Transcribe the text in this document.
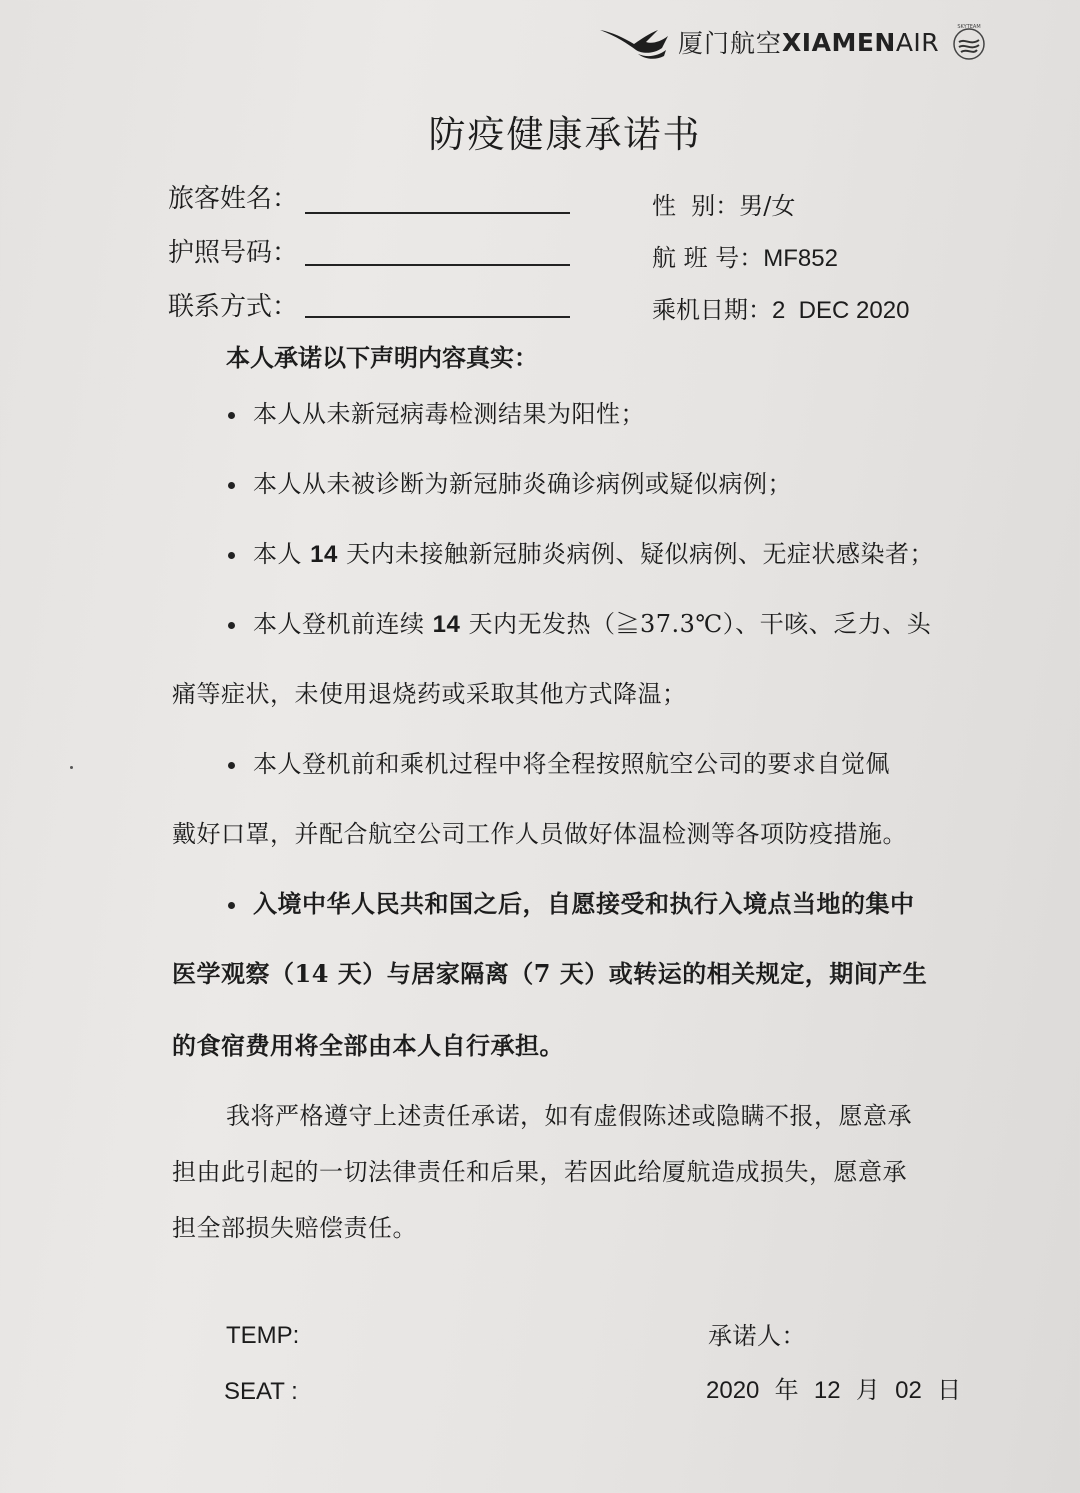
厦门航空 XIAMENAIR
SKYTEAM
防疫健康承诺书
旅客姓名：
护照号码：
联系方式：
性  别：男/女
航 班 号：MF852
乘机日期：2  DEC 2020
本人承诺以下声明内容真实：
本人从未新冠病毒检测结果为阳性；
本人从未被诊断为新冠肺炎确诊病例或疑似病例；
本人 14 天内未接触新冠肺炎病例、疑似病例、无症状感染者；
本人登机前连续 14 天内无发热（≧37.3℃）、干咳、乏力、头
痛等症状，未使用退烧药或采取其他方式降温；
本人登机前和乘机过程中将全程按照航空公司的要求自觉佩
戴好口罩，并配合航空公司工作人员做好体温检测等各项防疫措施。
入境中华人民共和国之后，自愿接受和执行入境点当地的集中
医学观察（14 天）与居家隔离（7 天）或转运的相关规定，期间产生
的食宿费用将全部由本人自行承担。
我将严格遵守上述责任承诺，如有虚假陈述或隐瞒不报，愿意承
担由此引起的一切法律责任和后果，若因此给厦航造成损失，愿意承
担全部损失赔偿责任。
TEMP:
SEAT :
承诺人：
2020 年 12 月 02 日
